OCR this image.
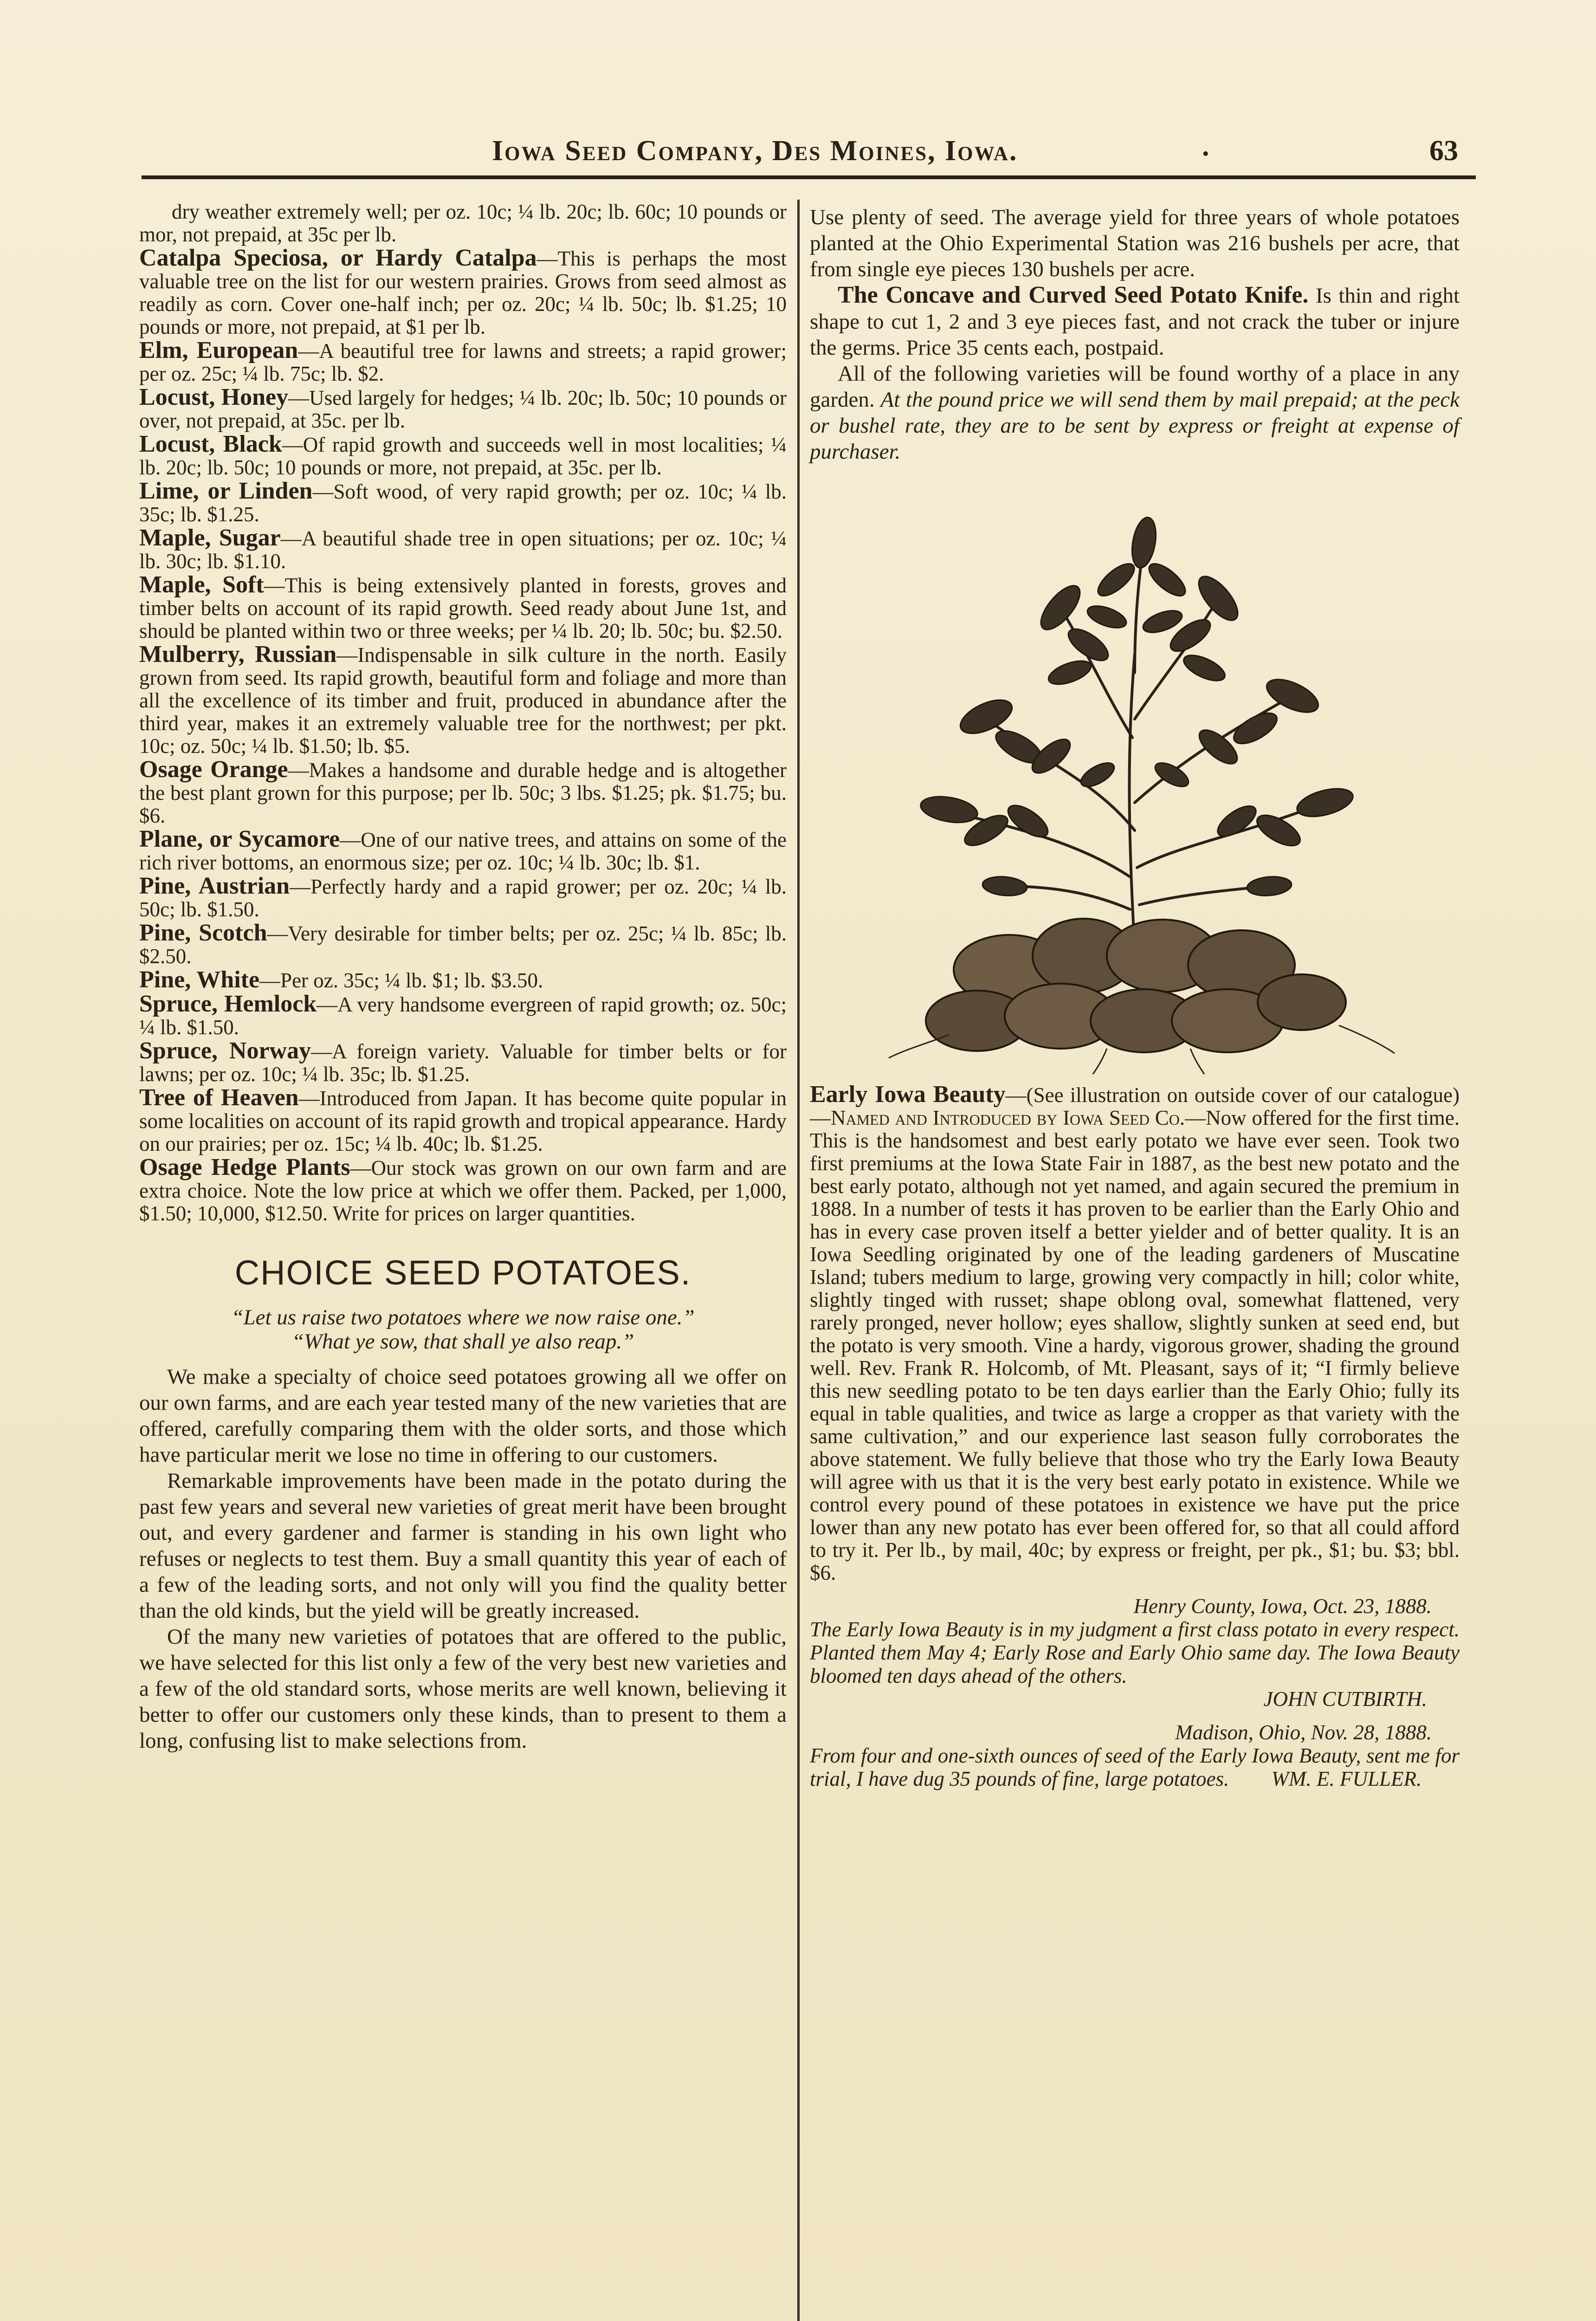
Iowa Seed Company, Des Moines, Iowa.	.	63

dry weather extremely well; per oz. 10c; ¼ lb. 20c; lb. 60c; 10 pounds or mor, not prepaid, at 35c per lb.

Catalpa Speciosa, or Hardy Catalpa—This is perhaps the most valuable tree on the list for our western prairies. Grows from seed almost as readily as corn. Cover one-half inch; per oz. 20c; ¼ lb. 50c; lb. $1.25; 10 pounds or more, not prepaid, at $1 per lb.

Elm, European—A beautiful tree for lawns and streets; a rapid grower; per oz. 25c; ¼ lb. 75c; lb. $2.

Locust, Honey—Used largely for hedges; ¼ lb. 20c; lb. 50c; 10 pounds or over, not prepaid, at 35c. per lb.

Locust, Black—Of rapid growth and succeeds well in most localities; ¼ lb. 20c; lb. 50c; 10 pounds or more, not prepaid, at 35c. per lb.

Lime, or Linden—Soft wood, of very rapid growth; per oz. 10c; ¼ lb. 35c; lb. $1.25.

Maple, Sugar—A beautiful shade tree in open situations; per oz. 10c; ¼ lb. 30c; lb. $1.10.

Maple, Soft—This is being extensively planted in forests, groves and timber belts on account of its rapid growth. Seed ready about June 1st, and should be planted within two or three weeks; per ¼ lb. 20; lb. 50c; bu. $2.50.

Mulberry, Russian—Indispensable in silk culture in the north. Easily grown from seed. Its rapid growth, beautiful form and foliage and more than all the excellence of its timber and fruit, produced in abundance after the third year, makes it an extremely valuable tree for the northwest; per pkt. 10c; oz. 50c; ¼ lb. $1.50; lb. $5.

Osage Orange—Makes a handsome and durable hedge and is altogether the best plant grown for this purpose; per lb. 50c; 3 lbs. $1.25; pk. $1.75; bu. $6.

Plane, or Sycamore—One of our native trees, and attains on some of the rich river bottoms, an enormous size; per oz. 10c; ¼ lb. 30c; lb. $1.

Pine, Austrian—Perfectly hardy and a rapid grower; per oz. 20c; ¼ lb. 50c; lb. $1.50.

Pine, Scotch—Very desirable for timber belts; per oz. 25c; ¼ lb. 85c; lb. $2.50.

Pine, White—Per oz. 35c; ¼ lb. $1; lb. $3.50.

Spruce, Hemlock—A very handsome evergreen of rapid growth; oz. 50c; ¼ lb. $1.50.

Spruce, Norway—A foreign variety. Valuable for timber belts or for lawns; per oz. 10c; ¼ lb. 35c; lb. $1.25.

Tree of Heaven—Introduced from Japan. It has become quite popular in some localities on account of its rapid growth and tropical appearance. Hardy on our prairies; per oz. 15c; ¼ lb. 40c; lb. $1.25.

Osage Hedge Plants—Our stock was grown on our own farm and are extra choice. Note the low price at which we offer them. Packed, per 1,000, $1.50; 10,000, $12.50. Write for prices on larger quantities.

CHOICE SEED POTATOES.

“Let us raise two potatoes where we now raise one.”
“What ye sow, that shall ye also reap.”

We make a specialty of choice seed potatoes growing all we offer on our own farms, and are each year tested many of the new varieties that are offered, carefully comparing them with the older sorts, and those which have particular merit we lose no time in offering to our customers.

Remarkable improvements have been made in the potato during the past few years and several new varieties of great merit have been brought out, and every gardener and farmer is standing in his own light who refuses or neglects to test them. Buy a small quantity this year of each of a few of the leading sorts, and not only will you find the quality better than the old kinds, but the yield will be greatly increased.

Of the many new varieties of potatoes that are offered to the public, we have selected for this list only a few of the very best new varieties and a few of the old standard sorts, whose merits are well known, believing it better to offer our customers only these kinds, than to present to them a long, confusing list to make selections from.

Use plenty of seed. The average yield for three years of whole potatoes planted at the Ohio Experimental Station was 216 bushels per acre, that from single eye pieces 130 bushels per acre.

The Concave and Curved Seed Potato Knife. Is thin and right shape to cut 1, 2 and 3 eye pieces fast, and not crack the tuber or injure the germs. Price 35 cents each, postpaid.

All of the following varieties will be found worthy of a place in any garden. At the pound price we will send them by mail prepaid; at the peck or bushel rate, they are to be sent by express or freight at expense of purchaser.

Early Iowa Beauty—(See illustration on outside cover of our catalogue)—Named and Introduced by Iowa Seed Co.—Now offered for the first time. This is the handsomest and best early potato we have ever seen. Took two first premiums at the Iowa State Fair in 1887, as the best new potato and the best early potato, although not yet named, and again secured the premium in 1888. In a number of tests it has proven to be earlier than the Early Ohio and has in every case proven itself a better yielder and of better quality. It is an Iowa Seedling originated by one of the leading gardeners of Muscatine Island; tubers medium to large, growing very compactly in hill; color white, slightly tinged with russet; shape oblong oval, somewhat flattened, very rarely pronged, never hollow; eyes shallow, slightly sunken at seed end, but the potato is very smooth. Vine a hardy, vigorous grower, shading the ground well. Rev. Frank R. Holcomb, of Mt. Pleasant, says of it; “I firmly believe this new seedling potato to be ten days earlier than the Early Ohio; fully its equal in table qualities, and twice as large a cropper as that variety with the same cultivation,” and our experience last season fully corroborates the above statement. We fully believe that those who try the Early Iowa Beauty will agree with us that it is the very best early potato in existence. While we control every pound of these potatoes in existence we have put the price lower than any new potato has ever been offered for, so that all could afford to try it. Per lb., by mail, 40c; by express or freight, per pk., $1; bu. $3; bbl. $6.

Henry County, Iowa, Oct. 23, 1888.

The Early Iowa Beauty is in my judgment a first class potato in every respect. Planted them May 4; Early Rose and Early Ohio same day. The Iowa Beauty bloomed ten days ahead of the others.

JOHN CUTBIRTH.

Madison, Ohio, Nov. 28, 1888.

From four and one-sixth ounces of seed of the Early Iowa Beauty, sent me for trial, I have dug 35 pounds of fine, large potatoes. WM. E. FULLER.
